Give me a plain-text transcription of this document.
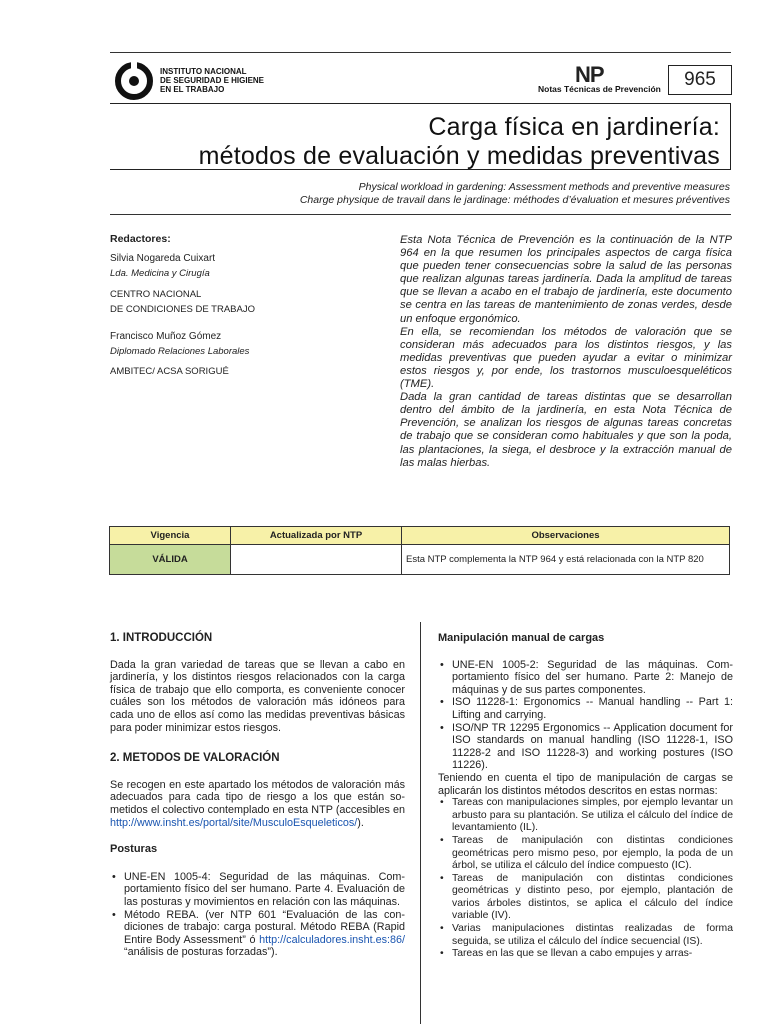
INSTITUTO NACIONAL
DE SEGURIDAD E HIGIENE
EN EL TRABAJO
NP
Notas Técnicas de Prevención	965
Carga física en jardinería:
métodos de evaluación y medidas preventivas
Physical workload in gardening: Assessment methods and preventive measures
Charge physique de travail dans le jardinage: méthodes d’évaluation et mesures préventives
Redactores:
Silvia Nogareda Cuixart
Lda. Medicina y Cirugía
CENTRO NACIONAL
DE CONDICIONES DE TRABAJO
Francisco Muñoz Gómez
Diplomado Relaciones Laborales
AMBITEC/ ACSA SORIGUÉ
Esta Nota Técnica de Prevención es la continuación de la NTP 964 en la que resumen los principales aspectos de carga física que pueden tener consecuencias sobre la salud de las personas que realizan algunas tareas jardinería. Dada la amplitud de tareas que se llevan a acabo en el trabajo de jardinería, este documento se centra en las tareas de mantenimiento de zonas verdes, desde un enfoque ergonómico.
En ella, se recomiendan los métodos de valoración que se consideran más adecuados para los distintos riesgos, y las medidas preventivas que pueden ayudar a evitar o minimizar estos riesgos y, por ende, los trastornos musculoesqueléticos (TME).
Dada la gran cantidad de tareas distintas que se desarrollan dentro del ámbito de la jardinería, en esta Nota Técnica de Prevención, se analizan los riesgos de algunas tareas concretas de trabajo que se consideran como habituales y que son la poda, las plantaciones, la siega, el desbroce y la extracción manual de las malas hierbas.
Vigencia	Actualizada por NTP	Observaciones
VÁLIDA		Esta NTP complementa la NTP 964 y está relacionada con la NTP 820
1. INTRODUCCIÓN

Dada la gran variedad de tareas que se llevan a cabo en jardinería, y los distintos riesgos relacionados con la carga física de trabajo que ello comporta, es conveniente conocer cuáles son los métodos de valoración más idóneos para cada uno de ellos así como las medidas preventivas básicas para poder minimizar estos riesgos.

2. METODOS DE VALORACIÓN

Se recogen en este apartado los métodos de valoración más adecuados para cada tipo de riesgo a los que están sometidos el colectivo contemplado en esta NTP (accesibles en http://www.insht.es/portal/site/MusculoEsqueleticos/).

Posturas
• UNE-EN 1005-4: Seguridad de las máquinas. Comportamiento físico del ser humano. Parte 4. Evaluación de las posturas y movimientos en relación con las máquinas.
• Método REBA. (ver NTP 601 “Evaluación de las condiciones de trabajo: carga postural. Método REBA (Rapid Entire Body Assessment” ó http://calculadores.insht.es:86/ “análisis de posturas forzadas”).
Manipulación manual de cargas
• UNE-EN 1005-2: Seguridad de las máquinas. Comportamiento físico del ser humano. Parte 2: Manejo de máquinas y de sus partes componentes.
• ISO 11228-1: Ergonomics -- Manual handling -- Part 1: Lifting and carrying.
• ISO/NP TR 12295 Ergonomics -- Application document for ISO standards on manual handling (ISO 11228-1, ISO 11228-2 and ISO 11228-3) and working postures (ISO 11226).

Teniendo en cuenta el tipo de manipulación de cargas se aplicarán los distintos métodos descritos en estas normas:

• Tareas con manipulaciones simples, por ejemplo levantar un arbusto para su plantación. Se utiliza el cálculo del índice de levantamiento (IL).
• Tareas de manipulación con distintas condiciones geométricas pero mismo peso, por ejemplo, la poda de un árbol, se utiliza el cálculo del índice compuesto (IC).
• Tareas de manipulación con distintas condiciones geométricas y distinto peso, por ejemplo, plantación de varios árboles distintos, se aplica el cálculo del índice variable (IV).
• Varias manipulaciones distintas realizadas de forma seguida, se utiliza el cálculo del índice secuencial (IS).
• Tareas en las que se llevan a cabo empujes y arras-
